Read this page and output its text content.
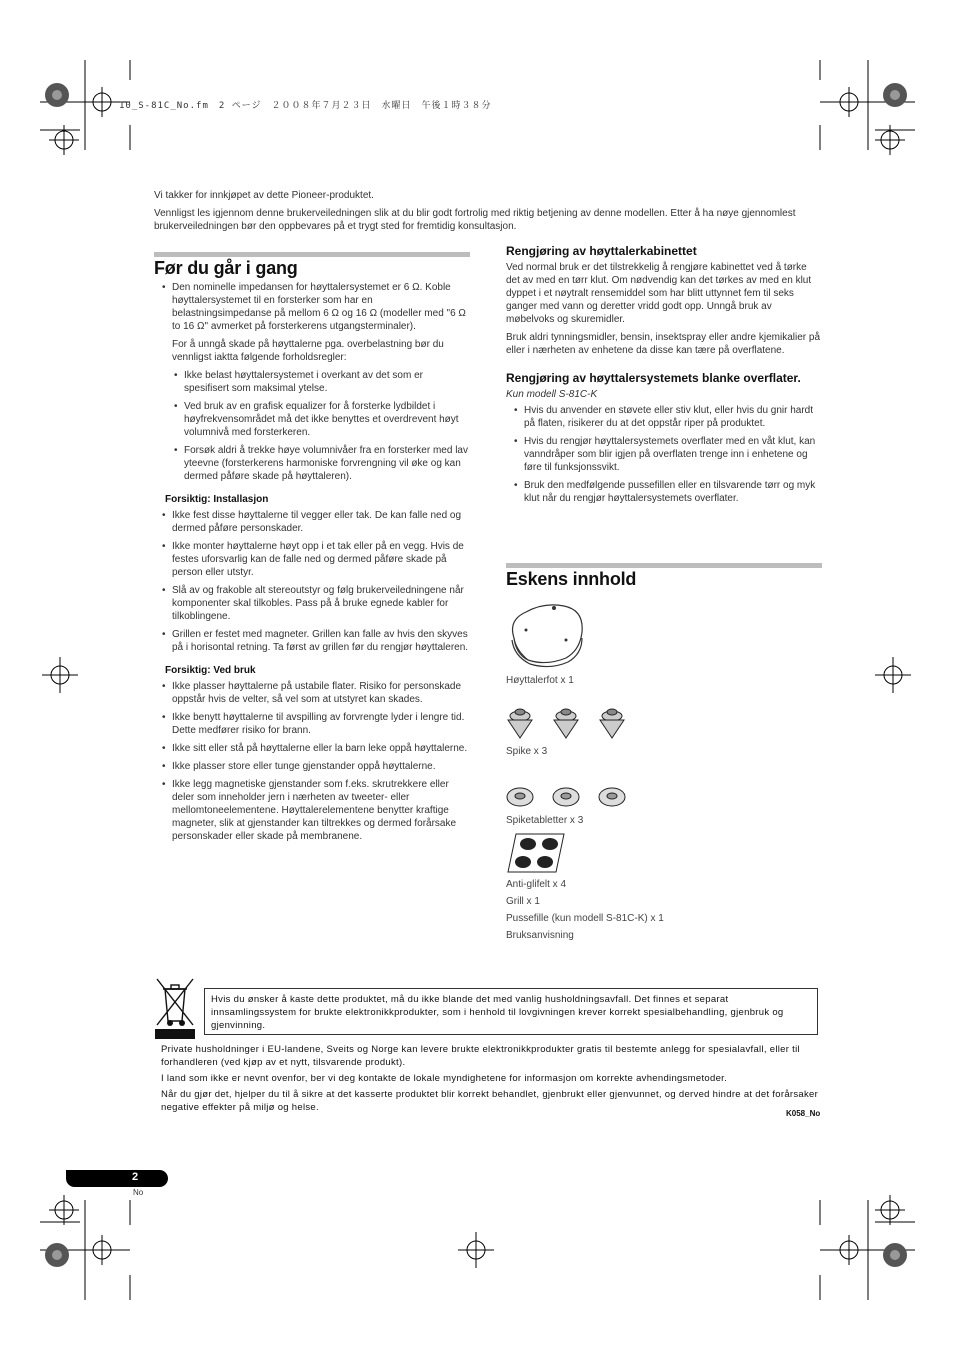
10_S-81C_No.fm　2 ページ　２００８年７月２３日　水曜日　午後１時３８分

Vi takker for innkjøpet av dette Pioneer-produktet.

Vennligst les igjennom denne brukerveiledningen slik at du blir godt fortrolig med riktig betjening av denne modellen. Etter å ha nøye gjennomlest brukerveiledningen bør den oppbevares på et trygt sted for fremtidig konsultasjon.

Før du går i gang
• Den nominelle impedansen for høyttalersystemet er 6 Ω. Koble høyttalersystemet til en forsterker som har en belastningsimpedanse på mellom 6 Ω og 16 Ω (modeller med "6 Ω to 16 Ω" avmerket på forsterkerens utgangsterminaler).

For å unngå skade på høyttalerne pga. overbelastning bør du vennligst iaktta følgende forholdsregler:

• Ikke belast høyttalersystemet i overkant av det som er spesifisert som maksimal ytelse.
• Ved bruk av en grafisk equalizer for å forsterke lydbildet i høyfrekvensområdet må det ikke benyttes et overdrevent høyt volumnivå med forsterkeren.
• Forsøk aldri å trekke høye volumnivåer fra en forsterker med lav yteevne (forsterkerens harmoniske forvrengning vil øke og kan dermed påføre skade på høyttaleren).
Forsiktig: Installasjon
• Ikke fest disse høyttalerne til vegger eller tak. De kan falle ned og dermed påføre personskader.
• Ikke monter høyttalerne høyt opp i et tak eller på en vegg. Hvis de festes uforsvarlig kan de falle ned og dermed påføre skade på person eller utstyr.
• Slå av og frakoble alt stereoutstyr og følg brukerveiledningene når komponenter skal tilkobles. Pass på å bruke egnede kabler for tilkoblingene.
• Grillen er festet med magneter. Grillen kan falle av hvis den skyves på i horisontal retning. Ta først av grillen før du rengjør høyttaleren.
Forsiktig: Ved bruk
• Ikke plasser høyttalerne på ustabile flater. Risiko for personskade oppstår hvis de velter, så vel som at utstyret kan skades.
• Ikke benytt høyttalerne til avspilling av forvrengte lyder i lengre tid. Dette medfører risiko for brann.
• Ikke sitt eller stå på høyttalerne eller la barn leke oppå høyttalerne.
• Ikke plasser store eller tunge gjenstander oppå høyttalerne.
• Ikke legg magnetiske gjenstander som f.eks. skrutrekkere eller deler som inneholder jern i nærheten av tweeter- eller mellomtoneelementene. Høyttalerelementene benytter kraftige magneter, slik at gjenstander kan tiltrekkes og dermed forårsake personskader eller skade på membranene.
Rengjøring av høyttalerkabinettet

Ved normal bruk er det tilstrekkelig å rengjøre kabinettet ved å tørke det av med en tørr klut. Om nødvendig kan det tørkes av med en klut dyppet i et nøytralt rensemiddel som har blitt uttynnet fem til seks ganger med vann og deretter vridd godt opp. Unngå bruk av møbelvoks og skuremidler.

Bruk aldri tynningsmidler, bensin, insektspray eller andre kjemikalier på eller i nærheten av enhetene da disse kan tære på overflatene.

Rengjøring av høyttalersystemets blanke overflater.

Kun modell S-81C-K

• Hvis du anvender en støvete eller stiv klut, eller hvis du gnir hardt på flaten, risikerer du at det oppstår riper på produktet.
• Hvis du rengjør høyttalersystemets overflater med en våt klut, kan vanndråper som blir igjen på overflaten trenge inn i enhetene og føre til funksjonssvikt.
• Bruk den medfølgende pussefillen eller en tilsvarende tørr og myk klut når du rengjør høyttalersystemets overflater.
Eskens innhold
Høyttalerfot x 1
Spike x 3
Spiketabletter x 3
Anti-glifelt x 4
Grill x 1
Pussefille (kun modell S-81C-K) x 1
Bruksanvisning
Hvis du ønsker å kaste dette produktet, må du ikke blande det med vanlig husholdningsavfall. Det finnes et separat innsamlingssystem for brukte elektronikkprodukter, som i henhold til lovgivningen krever korrekt spesialbehandling, gjenbruk og gjenvinning.

Private husholdninger i EU-landene, Sveits og Norge kan levere brukte elektronikkprodukter gratis til bestemte anlegg for spesialavfall, eller til forhandleren (ved kjøp av et nytt, tilsvarende produkt).

I land som ikke er nevnt ovenfor, ber vi deg kontakte de lokale myndighetene for informasjon om korrekte avhendingsmetoder.

Når du gjør det, hjelper du til å sikre at det kasserte produktet blir korrekt behandlet, gjenbrukt eller gjenvunnet, og derved hindre at det forårsaker negative effekter på miljø og helse.

K058_No
2
No
